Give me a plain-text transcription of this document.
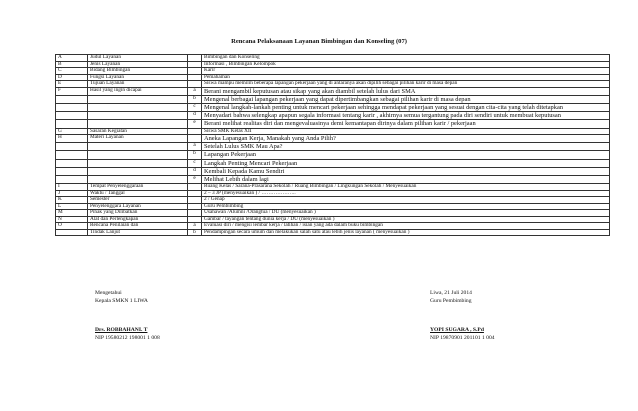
Rencana Pelaksanaan Layanan Bimbingan dan Konseling (07)
A	Judul Layanan		Bimbingan dan Konseling
B	Jenis Layanan		Informasi , Bimbingan Kelompok
C	Bidang Bimbingan		Karir
D	Fungsi Layanan		Pemahaman
E	Tujuan Layanan		Siswa mampu memilih beberapa lapangan pekerjaan yang di antaranya akan dipilih sebagai pilihan karir di masa depan
F	Hasil yang ingin dicapai	a	Berani mengambil keputusan atau sikap yang akan diambil setelah lulus dari SMA
		b	Mengenal berbagai lapangan pekerjaan yang dapat dipertimbangkan sebagai pilihan karir di masa depan
		c	Mengenal langkah-lankah penting untuk mencari pekerjaan sehingga mendapat pekerjaan yang sesuai dengan cita-cita yang telah ditetapkan
		d	Menyadari bahwa selengkap apapun segala informasi tentang karir , akhirnya semua tergantung pada diri sendiri untuk membuat keputusan
		e	Berani melihat realitas diri dan mengevaluasinya demi kemantapan dirinya dalam pilihan karir / pekerjaan
G	Sasaran Kegiatan		Siswa SMK Kelas XII
H	Materi Layanan		Aneka Lapangan Kerja, Manakah yang Anda Pilih?
		a	Setelah Lulus SMK Mau Apa?
		b	Lapangan Pekerjaan
		c	Langkah Penting Mencari Pekerjaan
		d	Kembali Kepada Kamu Sendiri
		e	Melihat Lebih dalam lagi
I	Tempat Penyelenggaraan		Ruang Kelas / Sarana-Prasarana Sekolah / Ruang Bimbingan / Lingkungan Sekolah / Menyesuaikan
J	Waktu / Tanggal		2 – 3 JP (menyesuaikan ) / ………………..
K	Semester		2 / Genap
L	Penyelenggara Layanan		Guru Pembimbing
M	Pihak yang Dilibatkan		Usahawan /Alumni /Orangtua / DU (menyesuaikan )
N	Alat dan Perlengkapan		Gambar / tayangan tentang dunia kerja / DU (menyesuaikan )
O	Rencana Penilaian dan	a	Evaluasi diri / mengisi lembar kerja / latihan / isian yang ada dalam buku bimbingan
	Tindak Lanjut	b	Pendampingan secara umum dan melakukan salah satu atau lebih jenis layanan ( menyesuaikan )
Mengetahui
Kepala SMKN 1 LIWA
Drs. ROBBAHANI. T
NIP 19580212 198001 1 008
Liwa, 21 Juli 2014
Guru Pembimbing
YOPI SUGARA , S.Pd
NIP 19870901 201101 1 004
